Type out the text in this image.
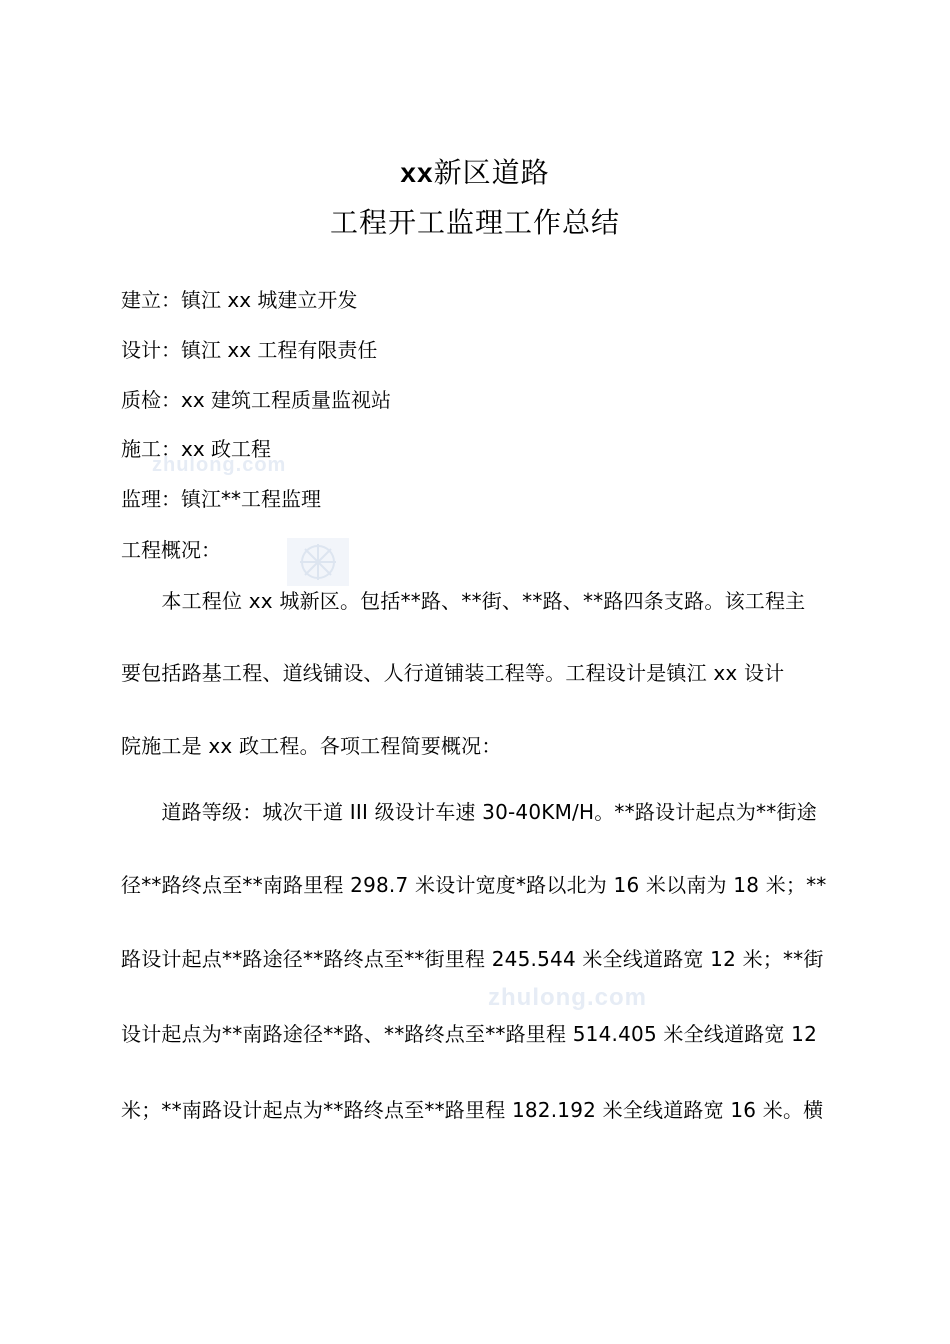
xx新区道路
工程开工监理工作总结
建立：镇江 xx 城建立开发
设计：镇江 xx 工程有限责任
质检：xx 建筑工程质量监视站
施工：xx 政工程
监理：镇江**工程监理
工程概况：
　　本工程位 xx 城新区。包括**路、**街、**路、**路四条支路。该工程主
要包括路基工程、道线铺设、人行道铺装工程等。工程设计是镇江 xx 设计
院施工是 xx 政工程。各项工程简要概况：
　　道路等级：城次干道 III 级设计车速 30-40KM/H。**路设计起点为**街途
径**路终点至**南路里程 298.7 米设计宽度*路以北为 16 米以南为 18 米；**
路设计起点**路途径**路终点至**街里程 245.544 米全线道路宽 12 米；**街
设计起点为**南路途径**路、**路终点至**路里程 514.405 米全线道路宽 12
米；**南路设计起点为**路终点至**路里程 182.192 米全线道路宽 16 米。横
zhulong.com
zhulong.com
